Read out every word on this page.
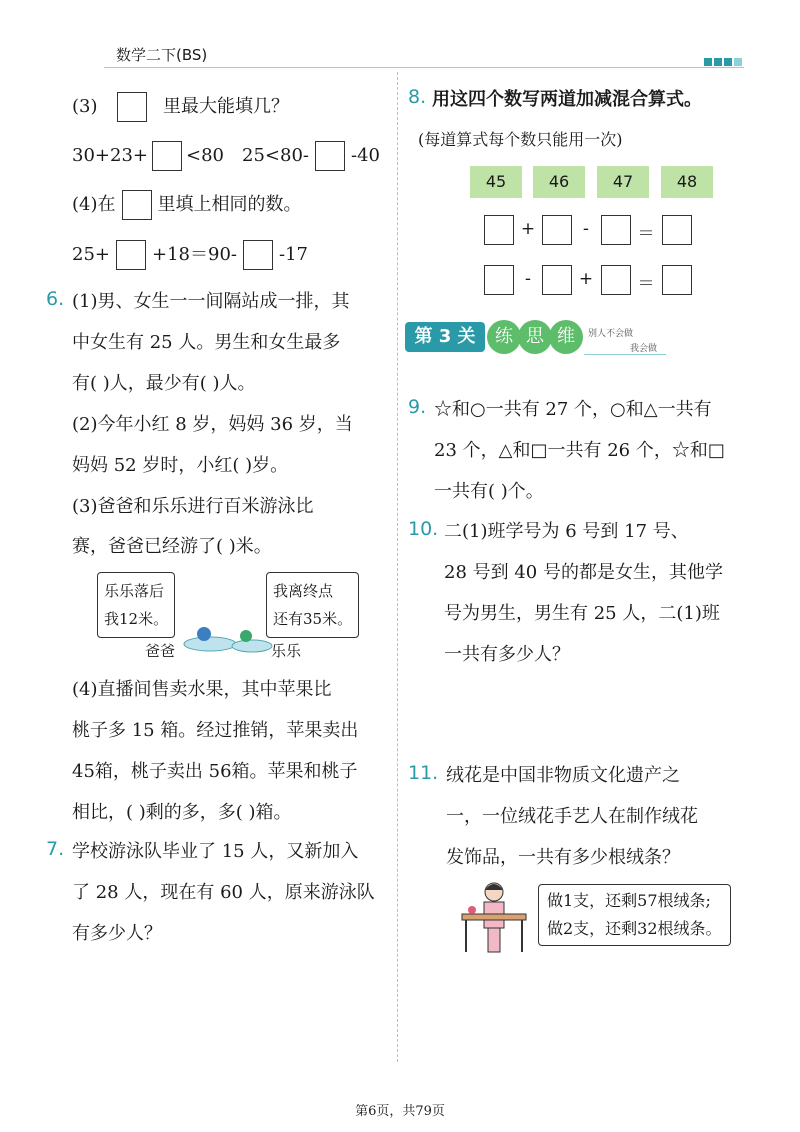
数学二下(BS)
(3)	里最大能填几？
30+23+ <80 25<80- -40
(4)在 里填上相同的数。
25+ +18＝90- -17
6. (1)男、女生一一间隔站成一排，其
中女生有 25 人。男生和女生最多
有( )人，最少有( )人。
(2)今年小红 8 岁，妈妈 36 岁，当
妈妈 52 岁时，小红( )岁。
(3)爸爸和乐乐进行百米游泳比
赛，爸爸已经游了( )米。
乐乐落后
我12米。
我离终点
还有35米。
爸爸	乐乐
(4)直播间售卖水果，其中苹果比
桃子多 15 箱。经过推销，苹果卖出
45箱，桃子卖出 56箱。苹果和桃子
相比，( )剩的多，多( )箱。
7. 学校游泳队毕业了 15 人，又新加入
了 28 人，现在有 60 人，原来游泳队
有多少人？
8. 用这四个数写两道加减混合算式。
(每道算式每个数只能用一次)
45	46	47	48
+	-	＝
-	+	＝
第 3 关	练 思 维	别人不会做
我会做
9. ☆和○一共有 27 个，○和△一共有
23 个，△和□一共有 26 个，☆和□
一共有( )个。
10. 二(1)班学号为 6 号到 17 号、
28 号到 40 号的都是女生，其他学
号为男生，男生有 25 人，二(1)班
一共有多少人？
11. 绒花是中国非物质文化遗产之
一，一位绒花手艺人在制作绒花
发饰品，一共有多少根绒条？
做1支，还剩57根绒条;
做2支，还剩32根绒条。
第6页，共79页
